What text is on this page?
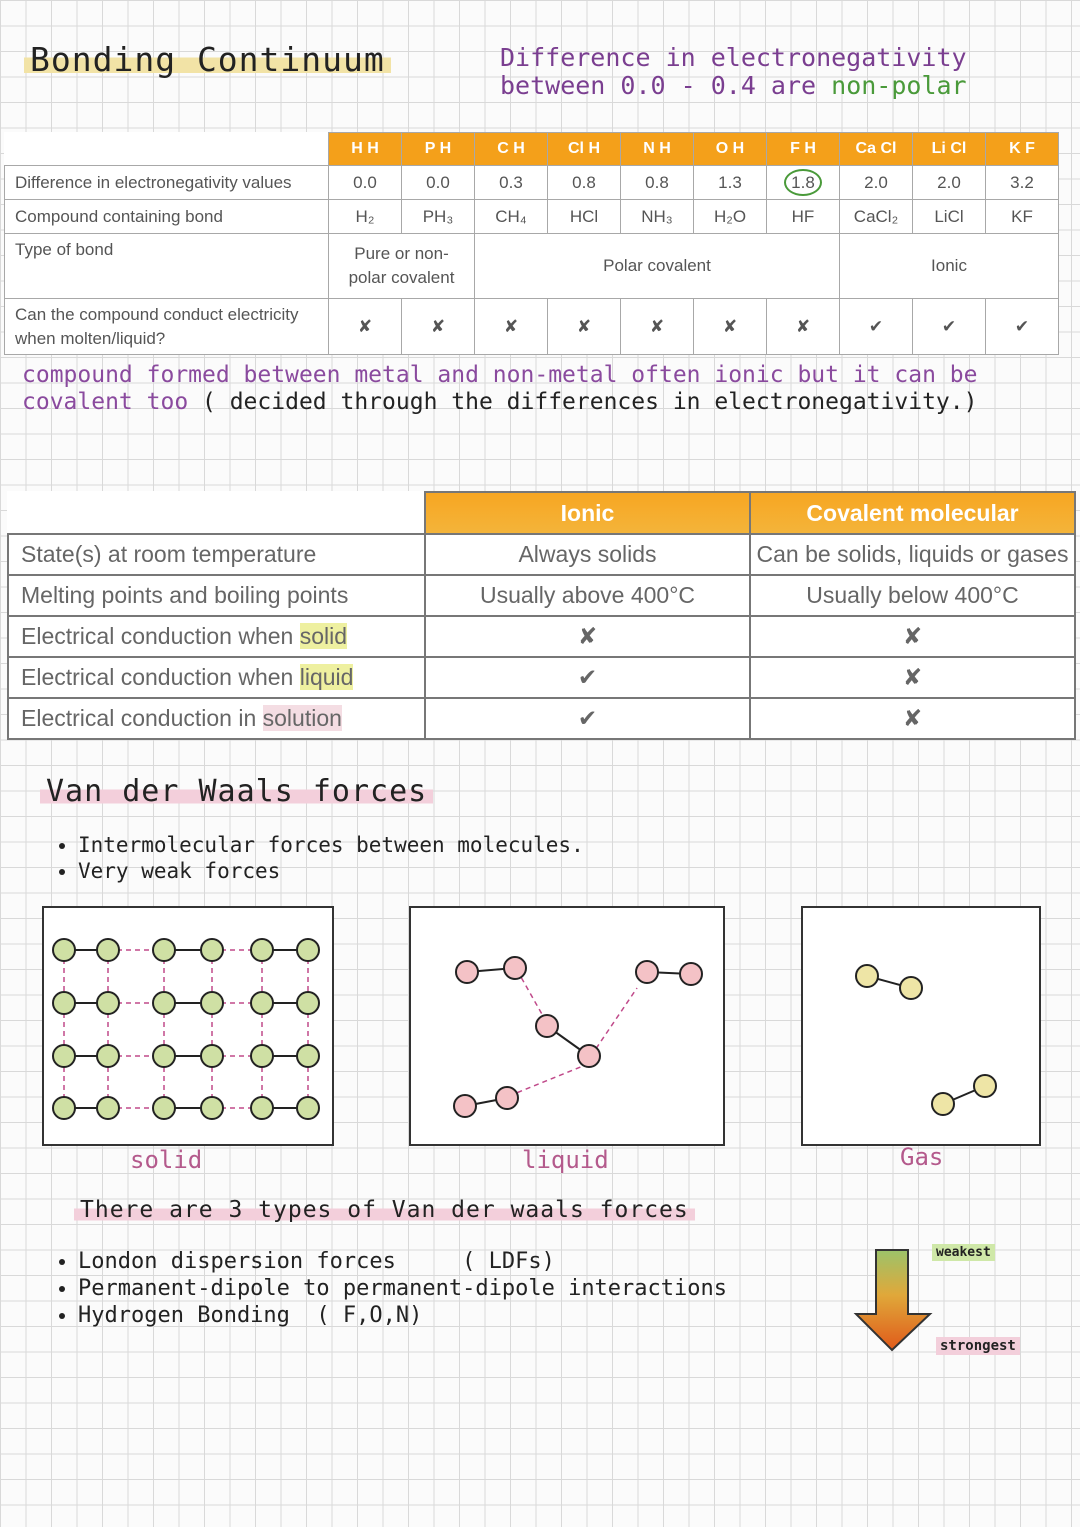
Bonding Continuum	Difference in electronegativity
between 0.0 - 0.4 are non-polar
	H H	P H	C H	Cl H	N H	O H	F H	Ca Cl	Li Cl	K F
Difference in electronegativity values	0.0	0.0	0.3	0.8	0.8	1.3	1.8	2.0	2.0	3.2
Compound containing bond	H₂	PH₃	CH₄	HCl	NH₃	H₂O	HF	CaCl₂	LiCl	KF
Type of bond	Pure or non-polar covalent		Polar covalent					Ionic		
Can the compound conduct electricity when molten/liquid?	✘	✘	✘	✘	✘	✘	✘	✔	✔	✔
compound formed between metal and non-metal often ionic but it can be covalent too ( decided through the differences in electronegativity.)
	Ionic	Covalent molecular
State(s) at room temperature	Always solids	Can be solids, liquids or gases
Melting points and boiling points	Usually above 400°C	Usually below 400°C
Electrical conduction when solid	✘	✘
Electrical conduction when liquid	✔	✘
Electrical conduction in solution	✔	✘
Van der Waals forces
• Intermolecular forces between molecules.
• Very weak forces
solid	liquid	Gas
There are 3 types of Van der waals forces
• London dispersion forces     ( LDFs)
• Permanent-dipole to permanent-dipole interactions
• Hydrogen Bonding  ( F,O,N)
weakest
strongest
